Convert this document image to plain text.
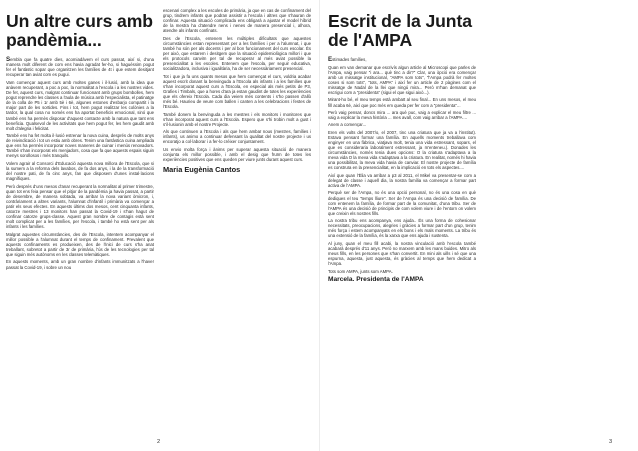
Un altre curs amb pandèmia...

Sembla que fa quatre dies, acomiadàvem el curs passat, així si, d'una manera molt diferent de com ens havia agradat fer-ho, si haguéssim pogut fer el fantàstic sopar que organitzen les famílies de 4t i que estem desitjant recuperar tan aviat com es pugui.

Vam començar aquest curs amb moltes ganes i il·lusió, amb la idea que anàvem recuperant, a poc a poc, la normalitat a l'escola i a les nostres vides. De fet, aquest curs, malgrat continuar funcionant amb grups bombolles, hem pogut reprendre les classes a l'aula de música amb l'especialista, el patinatge de la colla de P5 i 1r amb 5è i 6è, algunes estones d'esbarjo compartit i la major part de les sortides. Fins i tot, hem pogut realitzar les colònies a la tardor, la qual cosa no només ens ha aportat beneficis emocional, sinó que també ens ha permès disposar d'aquest contacte amb la natura que tant ens beneficia. Qualsevol de les activitats que hem pogut fer, les hem gaudit amb molt d'alegria i felicitat.

També ens ha fet molta il·lusió estrenar la nova cuina, després de molts anys de reivindicació i tot un estiu amb obres. Tenim una fantàstica cuina ampliada que ens ha permès incorporar noves maneres de cuinar i menús renovadors. També s'han incorporat els menjadors, cosa que fa que aquests espais siguin menys sorollosos i més tranquils.

Volem agrair al Consorci d'Educació aquesta nova millora de l'Escola, que si la sumem a la reforma dels lavabos, de fa dos anys, i la de la transformació del nostre pati, de fa cinc anys, fan que disposem d'unes instal·lacions magnífiques.

Però després d'uns mesos d'anar recuperant la normalitat al primer trimestre, quan tot ens feia pensar que el pitjor de la pandèmia ja havia passat, a partir de desembre, de manera sobtada, va arribar la nova variant òmicron, i, contràriament a altres variants, l'alumnat d'infantil i primària va començar a patir els seus efectes. En aquests últims dos mesos, cent cinquanta infants, catorze mestres i 13 monitors han passat la Covid-19 i s'han hagut de confinar catorze grups-classe. Aquest gran nombre de contagis està sent molt complicat per a les famílies, per l'escola, i també ho està sent per als infants i les famílies.

Malgrat aquestes circumstàncies, des de l'Escola, intentem acompanyar el millor possible a l'alumnat durant el temps de confinament. Prevalent que aquests confinaments es produeixen, des de l'inici de curs s'ha anat treballant, sobretot a partir de 3r de primària, l'ús de les tecnologies per tal que siguin més autònoms en les classes telemàtiques.

En aquests moments, amb un gran nombre d'infants immunitzats a l'haver passat la Covid-19, i sobre un nou

escenari complex a les escoles de primària, ja que en cas de confinament del grup, tindrem infants que podran assistir a l'escola i altres que s'hauran de confinar. Aquesta situació complicada ens obligarà a ajustar el model híbrid de la mestra ha d'atendre nens i nenes de manera presencial i, alhora, atendre als infants confinats.

Des de l'Escola, entenem les múltiples dificultats que aquestes circumstàncies estan representant per a les famílies i per a l'alumnat, i que també ho són per als docents i per al bon funcionament del curs escolar. És per això, que estarem i desitgem que la situació epidemiològica millori i que els protocols canviïn per tal de recuperar al més aviat possible la presencialitat a les escoles. Entenem que l'escola, per seguir educativa, socialitzadora, inclusiva i igualitària, ha de ser necessàriament presencial.

Tot i que ja fa uns quants mesos que hem començat el curs, voldria acabar aquest escrit donant la benvinguda a l'Escola als infants i a les famílies que s'han incorporat aquest curs a l'Escola, en especial als més petits de P3, Grafies i Timbals, que a hores d'ara ja estan gaudint de totes les experiències que els ofereix l'Escola. Cada dia veiem més contents i s'ho passen d'allò més bé. Haurieu de veure com ballen i canten a les celebracions i festes de l'Escola.

També donem la benvinguda a les mestres i els monitors i monitores que s'han incorporat aquest curs a l'Escola. Espero que s'hi trobin molt a gust i s'il·lusionin amb el nostre Projecte.

Als que continuen a l'Escola i als que hem ambaï nous (mestres, famílies i infants), us animo a continuar defensant la qualitat del nostre projecte i us encoratjo a col·laborar i a fer-lo créixer conjuntament.

Us envio molta força i ànims per superar aquesta situació de manera conjunta els millor possible, i amb el desig que fruïm de totes les experiències positives que ens queden per viure junts durant aquest curs.

Maria Eugènia Cantos
2
Escrit de la Junta de l'AMPA

Estimades famílies,

Quan em van demanar que escrivís algun article al Microscopi que parles de l'Ampa, vaig pensar "i ara... què tinc a dir?" Clar, una òpció era començar amb un missatge institucional, "AMPA som tots", "l'Ampa podrà fer moltes coses si som tots", "tots, AMPA" i així fer un article de 2 pàgines com el missatge de Nadal de la llei que ningú mira... Però m'han demanat que escrigui com a "presidenta" (sigui el que sigui això...).

Mirant-ho bé, el meu temps està ambaït al seu final... En uns mesos, el meu fill acaba 6è, així que poc més em queda per fer com a "presidenta"...

Però vaig pensar, doncs mira ... ara què puc, vaig a explicar el meu filtre ... vaig a explicar la meva història ... mes avall, com vaig arribar a l'AMPA ...

Anem a començar...

Eren els volts del 2007/o, el 2007, tinc una criatura que ja va a l'institut). Estava pensant formar una família. En aquells moments treballava com enginyer en una fàbrica, viatjava molt, tenia una vida estressant, sopars, el que es consideraria laboralment estressant, ja m'enteneu.). Donades les circumstàncies, només tenia dues opcions: O la criatura s'adaptava a la meva vida O la meva vida s'adaptava a la criatura. En realitat, només hi havia una possibilitat, la meva vida havia de canviar. El nostre projecte de família es construïa en la presencialitat, en la implicació en tots els aspectes....

Així que quan l'Èlia va arribar a p3 al 2011, el Mikel va presentar-se com a delegat de classe i aquell dia, la nostra família va començar a formar part activa de l'AMPA.

Perquè ser de l'Ampa, no és una opció personal, no és una cosa en què dediques el teu "temps lliure". Ser de l'Ampa és una decisió de família. De com entenem la família, de formar part de la comunitat, d'una tribu. Ser de l'AMPA és una decisió de principis de com volem viure i de l'entorn on volem que creixin els nostres fills.

La nostra tribu ens acompanya, ens ajuda.. És una forma de cohesionar necessitats, preocupacions, alegries i gràcies a formar part d'un grup, tenim més força i estem acompanyats en els bons i els mals moments. La tribu és una extensió de la família, és la xarxa que ens ajuda i sustenta.

Al juny, quan el meu fill acabi, la nostra vinculació amb l'escola també acabarà després d'11 anys. Però no marxem amb les mans buides. Mitro als meus fills, en les persones que s'han convertit. En mini als uills i sé que una espurna, aquesta, just aquesta, és gràcies al temps que hem dedicat a l'Ampa.

Tots som AMPA, junts som AMPA.

Marcela. Presidenta de l'AMPA
3
